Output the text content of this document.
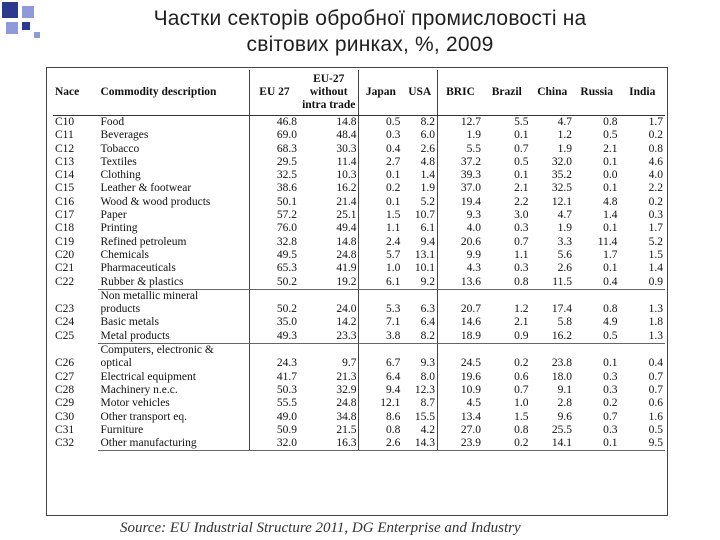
Частки секторів обробної промисловості на
світових ринках, %, 2009
Nace	Commodity description	EU 27	EU-27
without
intra trade	Japan	USA	BRIC	Brazil	China	Russia	India
C10	Food	46.8	14.8	0.5	8.2	12.7	5.5	4.7	0.8	1.7
C11	Beverages	69.0	48.4	0.3	6.0	1.9	0.1	1.2	0.5	0.2
C12	Tobacco	68.3	30.3	0.4	2.6	5.5	0.7	1.9	2.1	0.8
C13	Textiles	29.5	11.4	2.7	4.8	37.2	0.5	32.0	0.1	4.6
C14	Clothing	32.5	10.3	0.1	1.4	39.3	0.1	35.2	0.0	4.0
C15	Leather & footwear	38.6	16.2	0.2	1.9	37.0	2.1	32.5	0.1	2.2
C16	Wood & wood products	50.1	21.4	0.1	5.2	19.4	2.2	12.1	4.8	0.2
C17	Paper	57.2	25.1	1.5	10.7	9.3	3.0	4.7	1.4	0.3
C18	Printing	76.0	49.4	1.1	6.1	4.0	0.3	1.9	0.1	1.7
C19	Refined petroleum	32.8	14.8	2.4	9.4	20.6	0.7	3.3	11.4	5.2
C20	Chemicals	49.5	24.8	5.7	13.1	9.9	1.1	5.6	1.7	1.5
C21	Pharmaceuticals	65.3	41.9	1.0	10.1	4.3	0.3	2.6	0.1	1.4
C22	Rubber & plastics	50.2	19.2	6.1	9.2	13.6	0.8	11.5	0.4	0.9
	Non metallic mineral									
C23	products	50.2	24.0	5.3	6.3	20.7	1.2	17.4	0.8	1.3
C24	Basic metals	35.0	14.2	7.1	6.4	14.6	2.1	5.8	4.9	1.8
C25	Metal products	49.3	23.3	3.8	8.2	18.9	0.9	16.2	0.5	1.3
	Computers, electronic &									
C26	optical	24.3	9.7	6.7	9.3	24.5	0.2	23.8	0.1	0.4
C27	Electrical equipment	41.7	21.3	6.4	8.0	19.6	0.6	18.0	0.3	0.7
C28	Machinery n.e.c.	50.3	32.9	9.4	12.3	10.9	0.7	9.1	0.3	0.7
C29	Motor vehicles	55.5	24.8	12.1	8.7	4.5	1.0	2.8	0.2	0.6
C30	Other transport eq.	49.0	34.8	8.6	15.5	13.4	1.5	9.6	0.7	1.6
C31	Furniture	50.9	21.5	0.8	4.2	27.0	0.8	25.5	0.3	0.5
C32	Other manufacturing	32.0	16.3	2.6	14.3	23.9	0.2	14.1	0.1	9.5
Source: EU Industrial Structure 2011, DG Enterprise and Industry
